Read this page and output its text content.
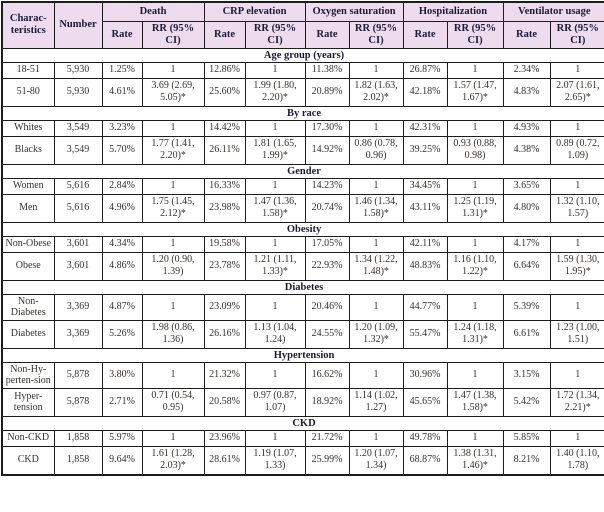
Charac-teristics	Number	Death		CRP elevation		Oxygen saturation		Hospitalization		Ventilator usage	
		Rate	RR (95% CI)	Rate	RR (95% CI)	Rate	RR (95% CI)	Rate	RR (95% CI)	Rate	RR (95% CI)
Age group (years)											
18-51	5,930	1.25%	1	12.86%	1	11.38%	1	26.87%	1	2.34%	1
51-80	5,930	4.61%	3.69 (2.69, 5.05)*	25.60%	1.99 (1.80, 2.20)*	20.89%	1.82 (1.63, 2.02)*	42.18%	1.57 (1.47, 1.67)*	4.83%	2.07 (1.61, 2.65)*
By race											
Whites	3,549	3.23%	1	14.42%	1	17.30%	1	42.31%	1	4.93%	1
Blacks	3,549	5.70%	1.77 (1.41, 2.20)*	26.11%	1.81 (1.65, 1.99)*	14.92%	0.86 (0.78, 0.96)	39.25%	0.93 (0.88, 0.98)	4.38%	0.89 (0.72, 1.09)
Gender											
Women	5,616	2.84%	1	16.33%	1	14.23%	1	34.45%	1	3.65%	1
Men	5,616	4.96%	1.75 (1.45, 2.12)*	23.98%	1.47 (1.36, 1.58)*	20.74%	1.46 (1.34, 1.58)*	43.11%	1.25 (1.19, 1.31)*	4.80%	1.32 (1.10, 1.57)
Obesity											
Non-Obese	3,601	4.34%	1	19.58%	1	17.05%	1	42.11%	1	4.17%	1
Obese	3,601	4.86%	1.20 (0.90, 1.39)	23.78%	1.21 (1.11, 1.33)*	22.93%	1.34 (1.22, 1.48)*	48.83%	1.16 (1.10, 1.22)*	6.64%	1.59 (1.30, 1.95)*
Diabetes											
Non-Diabetes	3,369	4.87%	1	23.09%	1	20.46%	1	44.77%	1	5.39%	1
Diabetes	3,369	5.26%	1.98 (0.86, 1.36)	26.16%	1.13 (1.04, 1.24)	24.55%	1.20 (1.09, 1.32)*	55.47%	1.24 (1.18, 1.31)*	6.61%	1.23 (1.00, 1.51)
Hypertension											
Non-Hy-perten-sion	5,878	3.80%	1	21.32%	1	16.62%	1	30.96%	1	3.15%	1
Hyper-tension	5,878	2.71%	0.71 (0.54, 0.95)	20.58%	0.97 (0.87, 1.07)	18.92%	1.14 (1.02, 1.27)	45.65%	1.47 (1.38, 1.58)*	5.42%	1.72 (1.34, 2.21)*
CKD											
Non-CKD	1,858	5.97%	1	23.96%	1	21.72%	1	49.78%	1	5.85%	1
CKD	1,858	9.64%	1.61 (1.28, 2.03)*	28.61%	1.19 (1.07, 1.33)	25.99%	1.20 (1.07, 1.34)	68.87%	1.38 (1.31, 1.46)*	8.21%	1.40 (1.10, 1.78)
